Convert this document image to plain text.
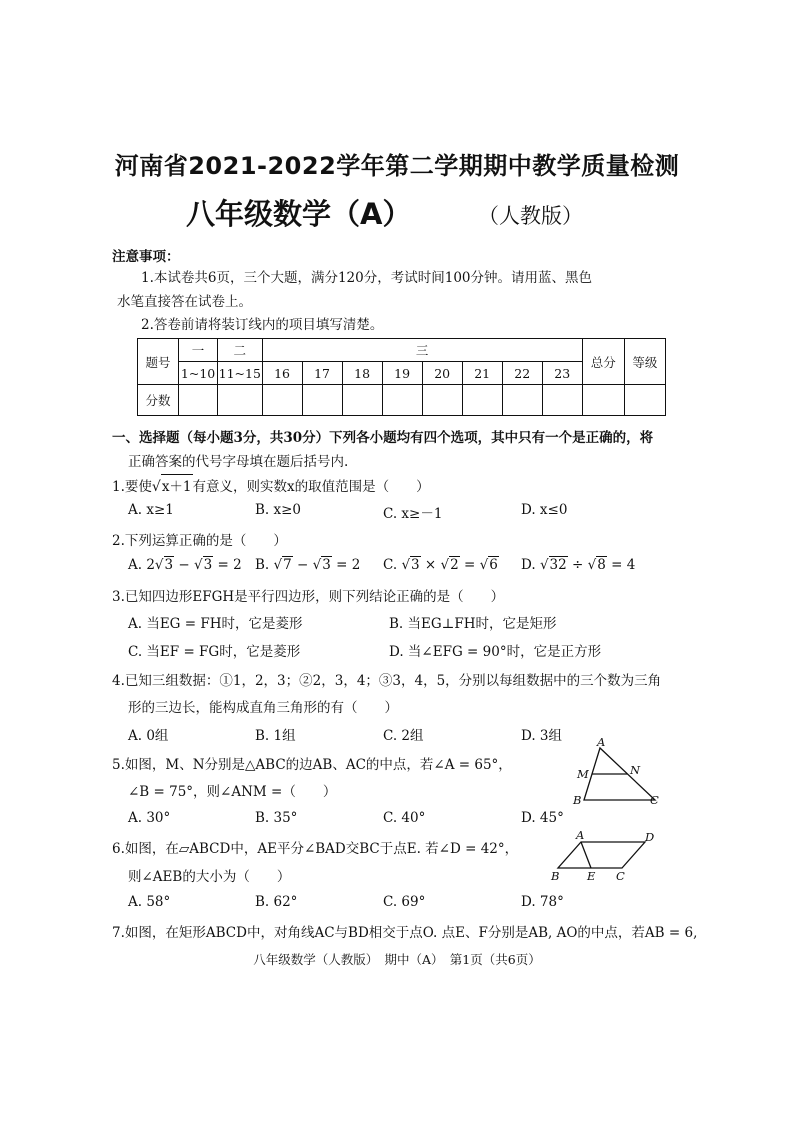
河南省2021-2022学年第二学期期中教学质量检测
八年级数学（A）	（人教版）
注意事项：
1.本试卷共6页，三个大题，满分120分，考试时间100分钟。请用蓝、黑色
水笔直接答在试卷上。
2.答卷前请将装订线内的项目填写清楚。
题号	一	二	三								总分	等级
	1~10	11~15	16	17	18	19	20	21	22	23		
分数												
一、选择题（每小题3分，共30分）下列各小题均有四个选项，其中只有一个是正确的，将
正确答案的代号字母填在题后括号内.
1.要使√x＋1有意义，则实数x的取值范围是（　　）
A. x≥1	B. x≥0	C. x≥－1	D. x≤0
2.下列运算正确的是（　　）
A. 2√3 − √3 = 2 B. √7 − √3 = 2 C. √3 × √2 = √6 D. √32 ÷ √8 = 4
3.已知四边形EFGH是平行四边形，则下列结论正确的是（　　）
A. 当EG = FH时，它是菱形	B. 当EG⊥FH时，它是矩形
C. 当EF = FG时，它是菱形	D. 当∠EFG = 90°时，它是正方形
4.已知三组数据：①1，2，3；②2，3，4；③3，4，5，分别以每组数据中的三个数为三角
形的三边长，能构成直角三角形的有（　　）
A. 0组	B. 1组	C. 2组	D. 3组
5.如图，M、N分别是△ABC的边AB、AC的中点，若∠A = 65°，
∠B = 75°，则∠ANM =（　　）
A. 30°	B. 35°	C. 40°	D. 45°
A
M	N
B	C
6.如图，在▱ABCD中，AE平分∠BAD交BC于点E. 若∠D = 42°，
则∠AEB的大小为（　　）
A. 58°	B. 62°	C. 69°	D. 78°
A	D
B E C
7.如图，在矩形ABCD中，对角线AC与BD相交于点O. 点E、F分别是AB, AO的中点，若AB = 6,
八年级数学（人教版）　期中（A）　第1页（共6页）
